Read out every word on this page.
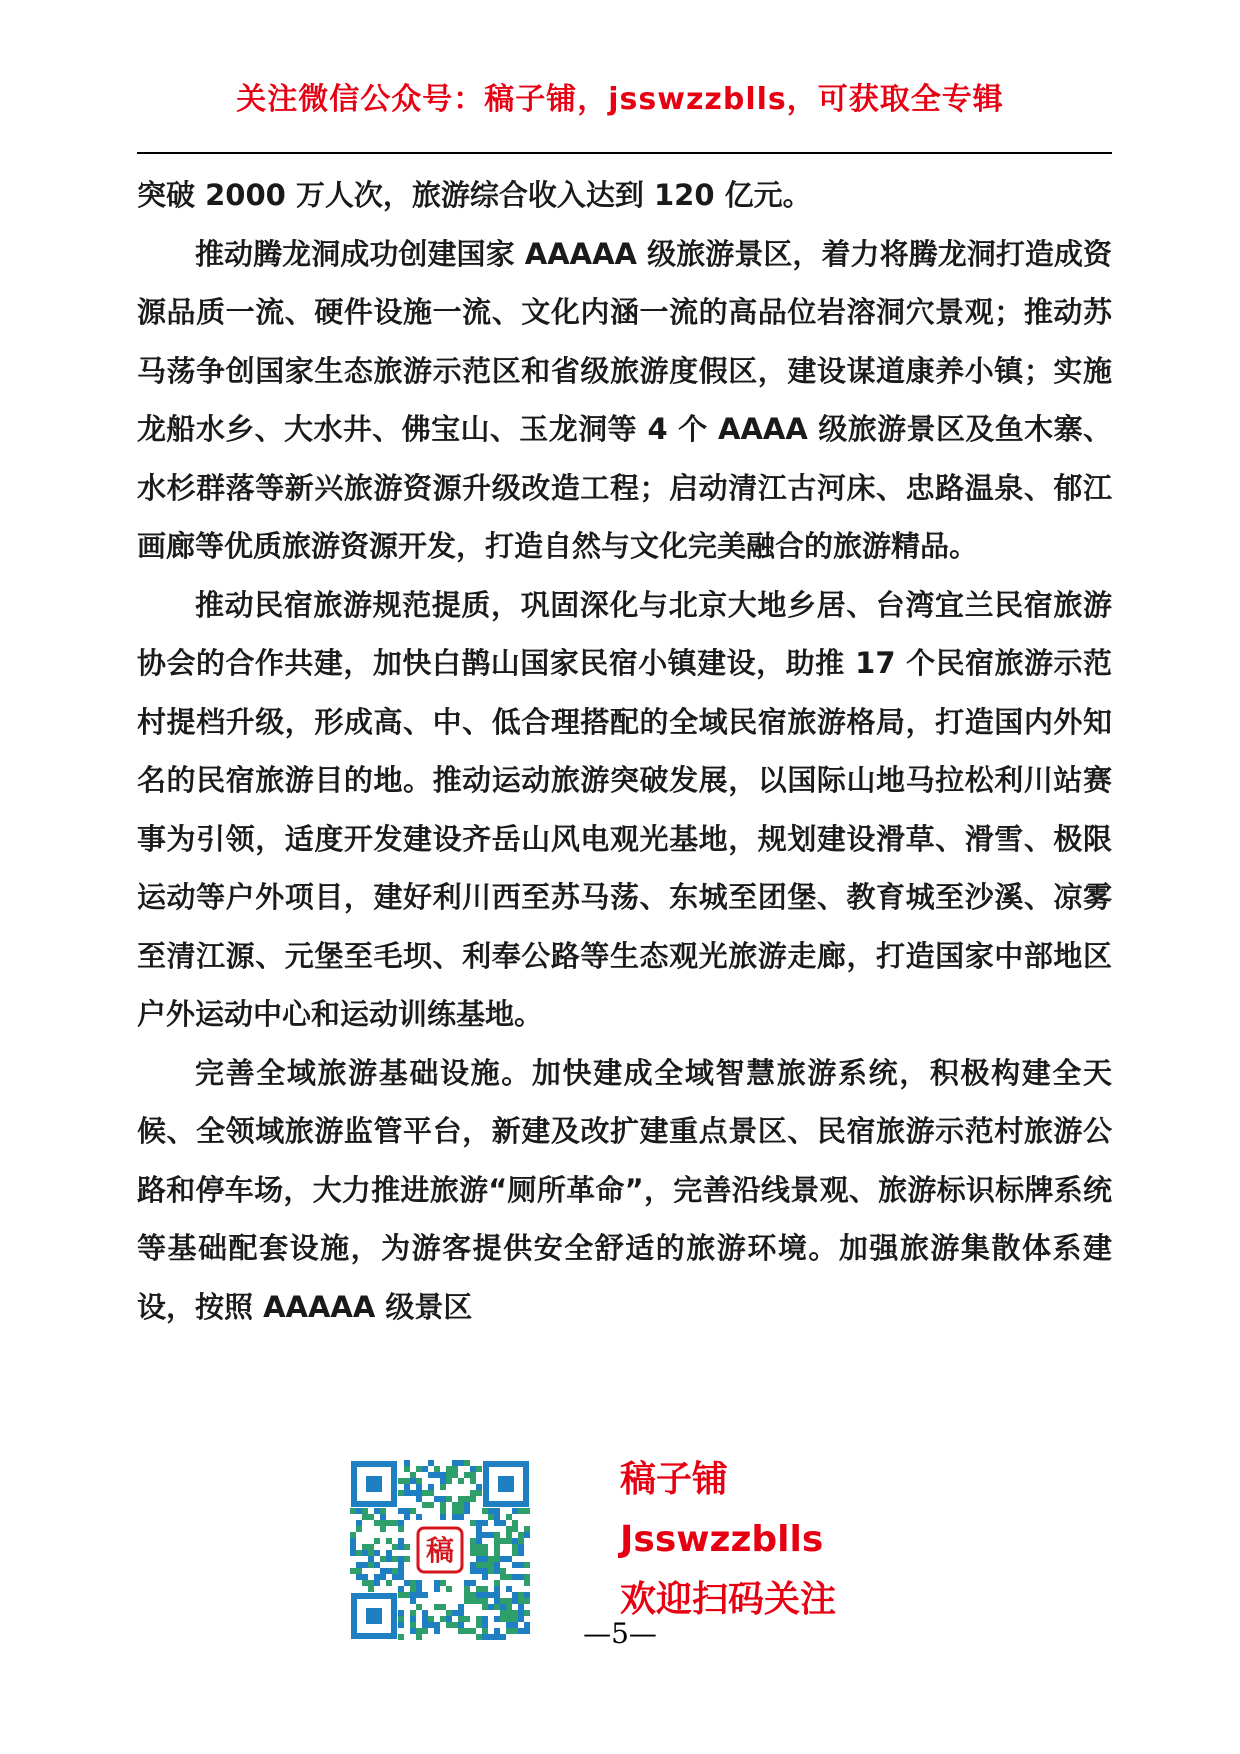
关注微信公众号：稿子铺，jsswzzblls，可获取全专辑

突破 2000 万人次，旅游综合收入达到 120 亿元。

推动腾龙洞成功创建国家 AAAAA 级旅游景区，着力将腾龙洞打造成资源品质一流、硬件设施一流、文化内涵一流的高品位岩溶洞穴景观；推动苏马荡争创国家生态旅游示范区和省级旅游度假区，建设谋道康养小镇；实施龙船水乡、大水井、佛宝山、玉龙洞等 4 个 AAAA 级旅游景区及鱼木寨、水杉群落等新兴旅游资源升级改造工程；启动清江古河床、忠路温泉、郁江画廊等优质旅游资源开发，打造自然与文化完美融合的旅游精品。

推动民宿旅游规范提质，巩固深化与北京大地乡居、台湾宜兰民宿旅游协会的合作共建，加快白鹊山国家民宿小镇建设，助推 17 个民宿旅游示范村提档升级，形成高、中、低合理搭配的全域民宿旅游格局，打造国内外知名的民宿旅游目的地。推动运动旅游突破发展，以国际山地马拉松利川站赛事为引领，适度开发建设齐岳山风电观光基地，规划建设滑草、滑雪、极限运动等户外项目，建好利川西至苏马荡、东城至团堡、教育城至沙溪、凉雾至清江源、元堡至毛坝、利奉公路等生态观光旅游走廊，打造国家中部地区户外运动中心和运动训练基地。

完善全域旅游基础设施。加快建成全域智慧旅游系统，积极构建全天候、全领域旅游监管平台，新建及改扩建重点景区、民宿旅游示范村旅游公路和停车场，大力推进旅游“厕所革命”，完善沿线景观、旅游标识标牌系统等基础配套设施，为游客提供安全舒适的旅游环境。加强旅游集散体系建设，按照 AAAAA 级景区

稿
稿子铺
Jsswzzblls
欢迎扫码关注
—5—
